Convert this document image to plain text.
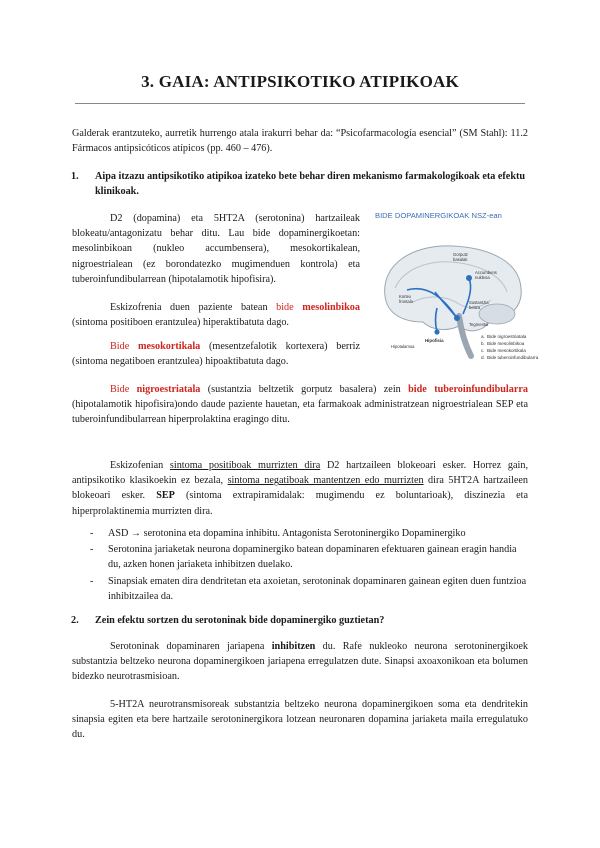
3. GAIA: ANTIPSIKOTIKO ATIPIKOAK
Galderak erantzuteko, aurretik hurrengo atala irakurri behar da: “Psicofarmacología esencial” (SM Stahl): 11.2 Fármacos antipsicóticos atípicos (pp. 460 – 476).
1. Aipa itzazu antipsikotiko atipikoa izateko bete behar diren mekanismo farmakologikoak eta efektu klinikoak.
D2 (dopamina) eta 5HT2A (serotonina) hartzaileak blokeatu/antagonizatu behar ditu. Lau bide dopaminergikoetan: mesolinbikoan (nukleo accumbensera), mesokortikalean, nigroestrialean (ez borondatezko mugimenduen kontrola) eta tuberoinfundibularrean (hipotalamotik hipofisira).
Eskizofrenia duen paziente batean bide mesolinbikoa (sintoma positiboen erantzulea) hiperaktibatuta dago.
Bide mesokortikala (mesentzefalotik kortexera) berriz (sintoma negatiboen erantzulea) hipoaktibatuta dago.
Bide nigroestriatala (sustantzia beltzetik gorputz basalera) zein bide tuberoinfundibularra (hipotalamotik hipofisira)ondo daude paziente hauetan, eta farmakoak administratzean nigroestrialean SEP eta tuberoinfundibularrean hiperprolaktina eragingo ditu.
Eskizofenian sintoma positiboak murrizten dira D2 hartzaileen blokeoari esker. Horrez gain, antipsikotiko klasikoekin ez bezala, sintoma negatiboak mantentzen edo murrizten dira 5HT2A hartzaileen blokeoari esker. SEP (sintoma extrapiramidalak: mugimendu ez boluntarioak), diszinezia eta hiperprolaktinemia murrizten dira.
- ASD → serotonina eta dopamina inhibitu. Antagonista Serotoninergiko Dopaminergiko
- Serotonina jariaketak neurona dopaminergiko batean dopaminaren efektuaren gainean eragin handia du, azken honen jariaketa inhibitzen duelako.
- Sinapsiak ematen dira dendritetan eta axoietan, serotoninak dopaminaren gainean egiten duen funtzioa inhibitzailea da.
2. Zein efektu sortzen du serotoninak bide dopaminergiko guztietan?
Serotoninak dopaminaren jariapena inhibitzen du. Rafe nukleoko neurona serotoninergikoek substantzia beltzeko neurona dopaminergikoen jariapena erregulatzen dute. Sinapsi axoaxonikoan eta bolumen bidezko neurotrasmisioan.
5-HT2A neurotransmisoreak substantzia beltzeko neurona dopaminergikoen soma eta dendritekin sinapsia egiten eta bere hartzaile serotoninergikora lotzean neuronaren dopamina jariaketa maila erregulatuko du.
BIDE DOPAMINERGIKOAK NSZ-ean
Gorputz
basalak
Accumbens
nukleoa
Kortex
frontala	Sustantzia
beltza
Tegmental
Hipofisia
Hipotalamoa
a. Bide nigroestriatala
b. Bide mesolinbikoa
c. Bide mesokortikala
d. Bide tuberoinfundibularra
